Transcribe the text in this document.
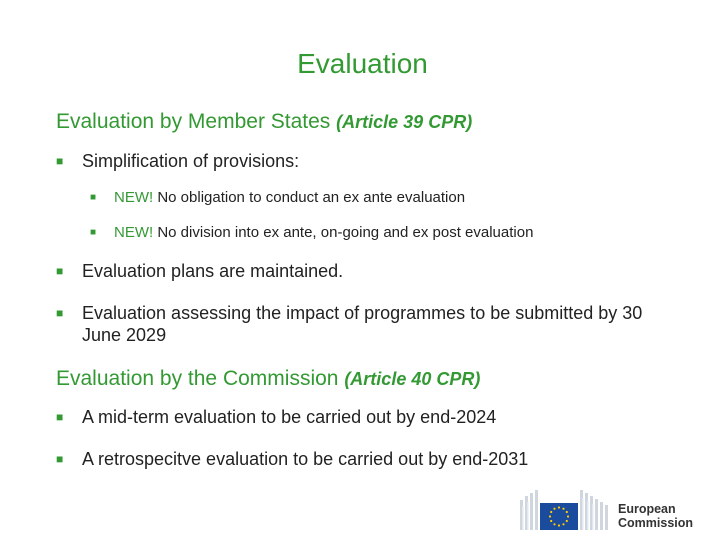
Evaluation
Evaluation by Member States (Article 39 CPR)
■	Simplification of provisions:
■	NEW! No obligation to conduct an ex ante evaluation
■	NEW! No division into ex ante, on-going and ex post evaluation
■	Evaluation plans are maintained.
■	Evaluation assessing the impact of programmes to be submitted by 30 June 2029
Evaluation by the Commission (Article 40 CPR)
■	A mid-term evaluation to be carried out by end-2024
■	A retrospecitve evaluation to be carried out by end-2031
European
Commission
